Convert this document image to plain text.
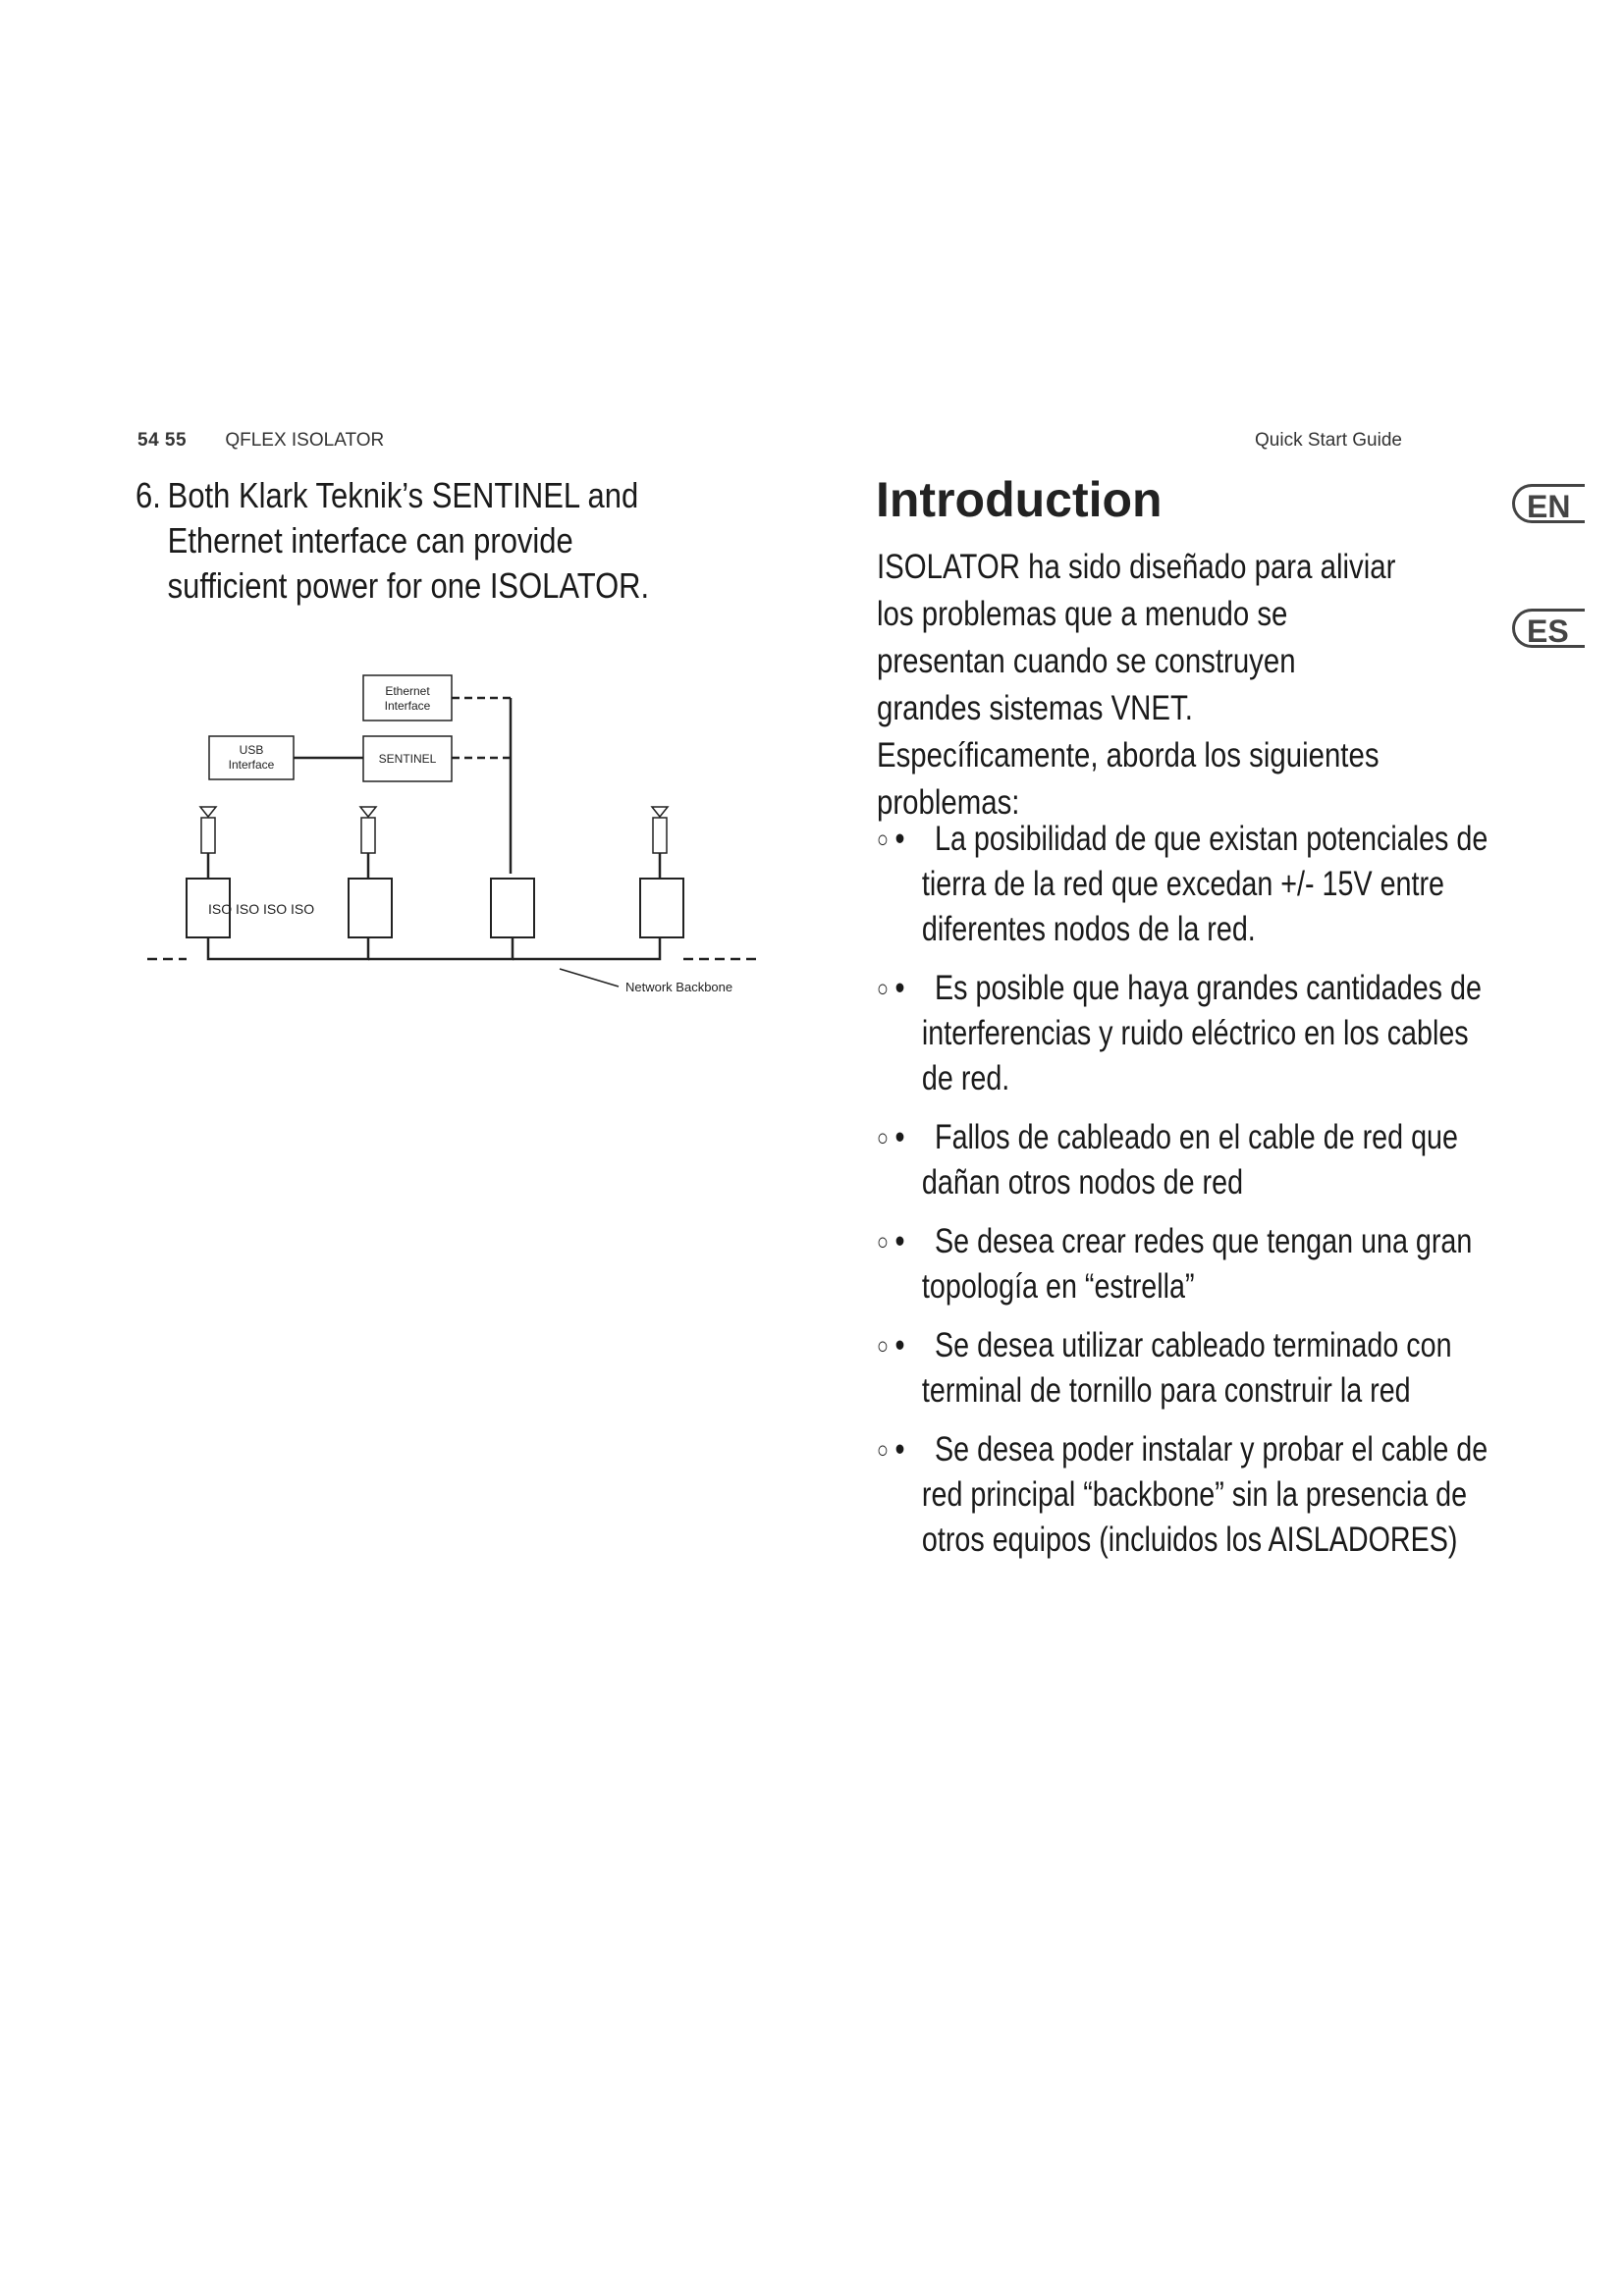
54 55 QFLEX ISOLATOR	Quick Start Guide
6. Both Klark Teknik’s SENTINEL and Ethernet interface can provide sufficient power for one ISOLATOR.
Ethernet
Interface
USB
Interface	SENTINEL
ISO ISO ISO ISO
Network Backbone
Introduction

ISOLATOR ha sido diseñado para aliviar los problemas que a menudo se presentan cuando se construyen grandes sistemas VNET. Específicamente, aborda los siguientes problemas:

○ • La posibilidad de que existan potenciales de tierra de la red que excedan +/- 15V entre diferentes nodos de la red.
○ • Es posible que haya grandes cantidades de interferencias y ruido eléctrico en los cables de red.
○ • Fallos de cableado en el cable de red que dañan otros nodos de red
○ • Se desea crear redes que tengan una gran topología en “estrella”
○ • Se desea utilizar cableado terminado con terminal de tornillo para construir la red
○ • Se desea poder instalar y probar el cable de red principal “backbone” sin la presencia de otros equipos (incluidos los AISLADORES)
EN
ES
